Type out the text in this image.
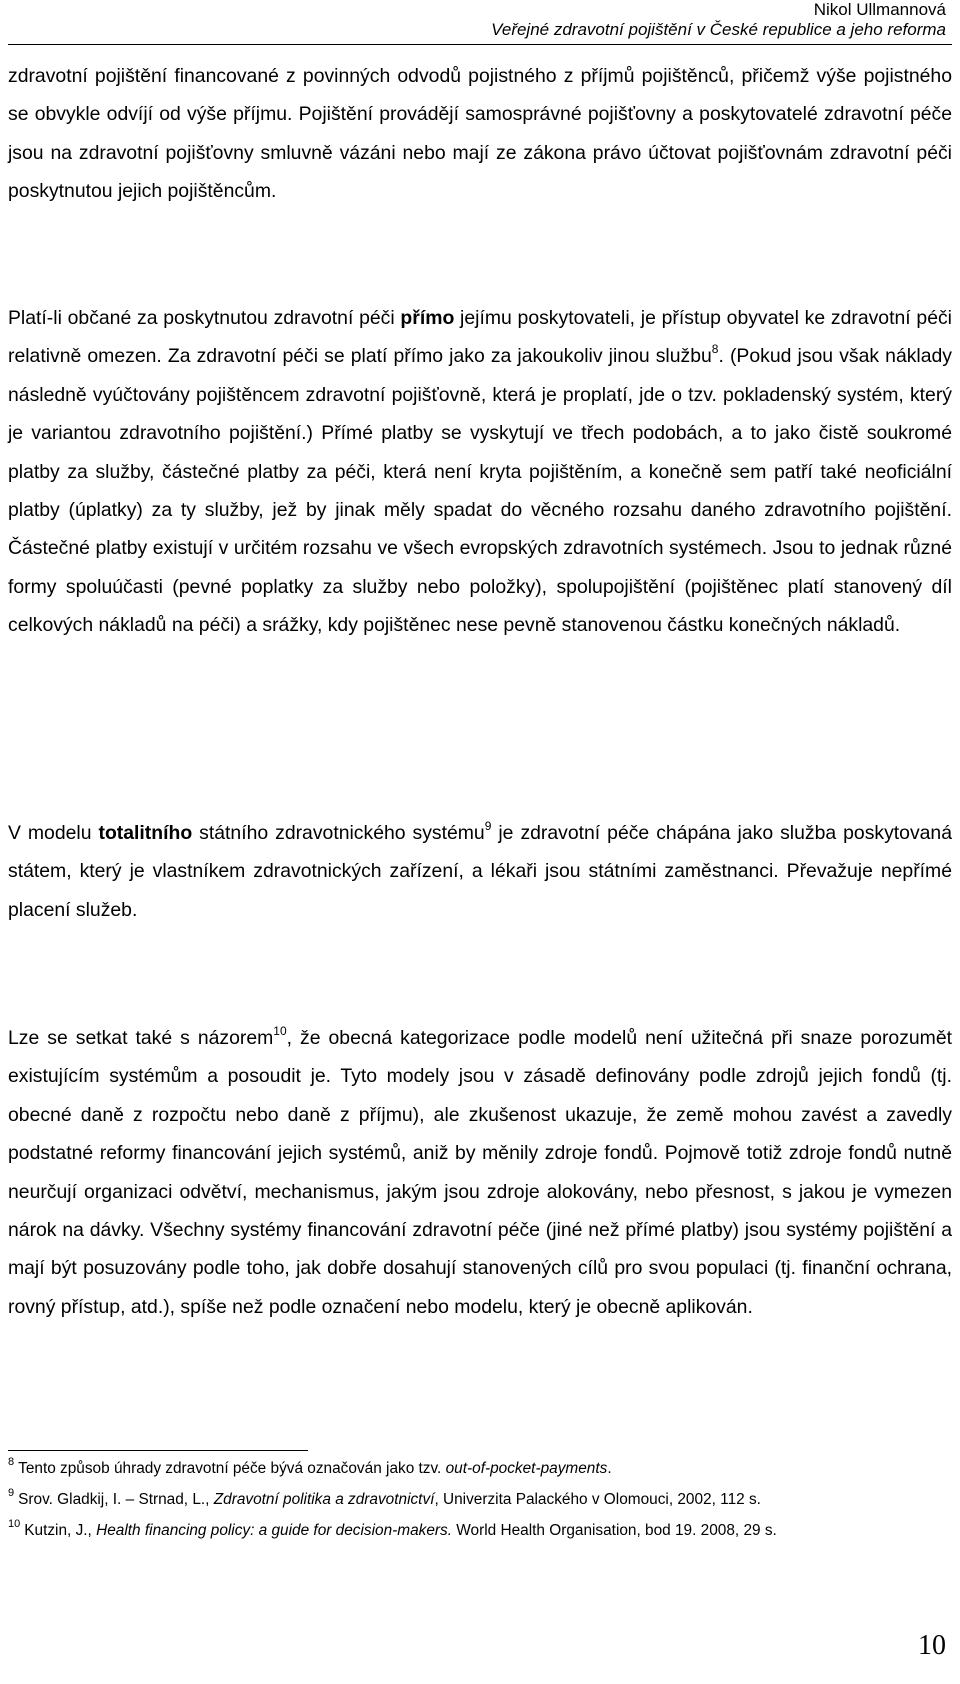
Nikol Ullmannová
Veřejné zdravotní pojištění v České republice a jeho reforma

zdravotní pojištění financované z povinných odvodů pojistného z příjmů pojištěnců, přičemž výše pojistného se obvykle odvíjí od výše příjmu. Pojištění provádějí samosprávné pojišťovny a poskytovatelé zdravotní péče jsou na zdravotní pojišťovny smluvně vázáni nebo mají ze zákona právo účtovat pojišťovnám zdravotní péči poskytnutou jejich pojištěncům.

Platí-li občané za poskytnutou zdravotní péči přímo jejímu poskytovateli, je přístup obyvatel ke zdravotní péči relativně omezen. Za zdravotní péči se platí přímo jako za jakoukoliv jinou službu$^8$. (Pokud jsou však náklady následně vyúčtovány pojištěncem zdravotní pojišťovně, která je proplatí, jde o tzv. pokladenský systém, který je variantou zdravotního pojištění.) Přímé platby se vyskytují ve třech podobách, a to jako čistě soukromé platby za služby, částečné platby za péči, která není kryta pojištěním, a konečně sem patří také neoficiální platby (úplatky) za ty služby, jež by jinak měly spadat do věcného rozsahu daného zdravotního pojištění. Částečné platby existují v určitém rozsahu ve všech evropských zdravotních systémech. Jsou to jednak různé formy spoluúčasti (pevné poplatky za služby nebo položky), spolupojištění (pojištěnec platí stanovený díl celkových nákladů na péči) a srážky, kdy pojištěnec nese pevně stanovenou částku konečných nákladů.

V modelu totalitního státního zdravotnického systému$^9$ je zdravotní péče chápána jako služba poskytovaná státem, který je vlastníkem zdravotnických zařízení, a lékaři jsou státními zaměstnanci. Převažuje nepřímé placení služeb.

Lze se setkat také s názorem$^{10}$, že obecná kategorizace podle modelů není užitečná při snaze porozumět existujícím systémům a posoudit je. Tyto modely jsou v zásadě definovány podle zdrojů jejich fondů (tj. obecné daně z rozpočtu nebo daně z příjmu), ale zkušenost ukazuje, že země mohou zavést a zavedly podstatné reformy financování jejich systémů, aniž by měnily zdroje fondů. Pojmově totiž zdroje fondů nutně neurčují organizaci odvětví, mechanismus, jakým jsou zdroje alokovány, nebo přesnost, s jakou je vymezen nárok na dávky. Všechny systémy financování zdravotní péče (jiné než přímé platby) jsou systémy pojištění a mají být posuzovány podle toho, jak dobře dosahují stanovených cílů pro svou populaci (tj. finanční ochrana, rovný přístup, atd.), spíše než podle označení nebo modelu, který je obecně aplikován.

$^8$ Tento způsob úhrady zdravotní péče bývá označován jako tzv. out-of-pocket-payments.

$^9$ Srov. Gladkij, I. – Strnad, L., Zdravotní politika a zdravotnictví, Univerzita Palackého v Olomouci, 2002, 112 s.

$^{10}$ Kutzin, J., Health financing policy: a guide for decision-makers. World Health Organisation, bod 19. 2008, 29 s.

10
